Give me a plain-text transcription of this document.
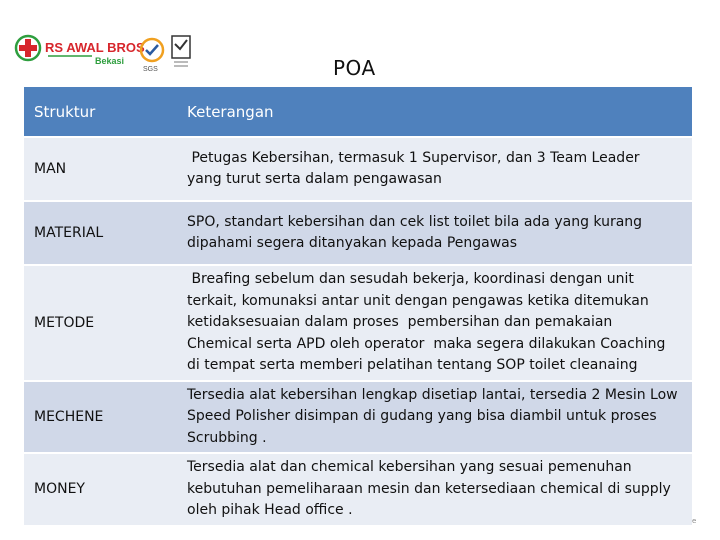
RS AWAL BROS
Bekasi
SGS	POA
Struktur	Keterangan
MAN	Petugas Kebersihan, termasuk 1 Supervisor, dan 3 Team Leader yang turut serta dalam pengawasan
MATERIAL	SPO, standart kebersihan dan cek list toilet bila ada yang kurang dipahami segera ditanyakan kepada Pengawas
METODE	Breafing sebelum dan sesudah bekerja, koordinasi dengan unit terkait, komunaksi antar unit dengan pengawas ketika ditemukan ketidaksesuaian dalam proses  pembersihan dan pemakaian Chemical serta APD oleh operator  maka segera dilakukan Coaching di tempat serta memberi pelatihan tentang SOP toilet cleanaing
MECHENE	Tersedia alat kebersihan lengkap disetiap lantai, tersedia 2 Mesin Low Speed Polisher disimpan di gudang yang bisa diambil untuk proses Scrubbing .
MONEY	Tersedia alat dan chemical kebersihan yang sesuai pemenuhan kebutuhan pemeliharaan mesin dan ketersediaan chemical di supply oleh pihak Head office .
e
